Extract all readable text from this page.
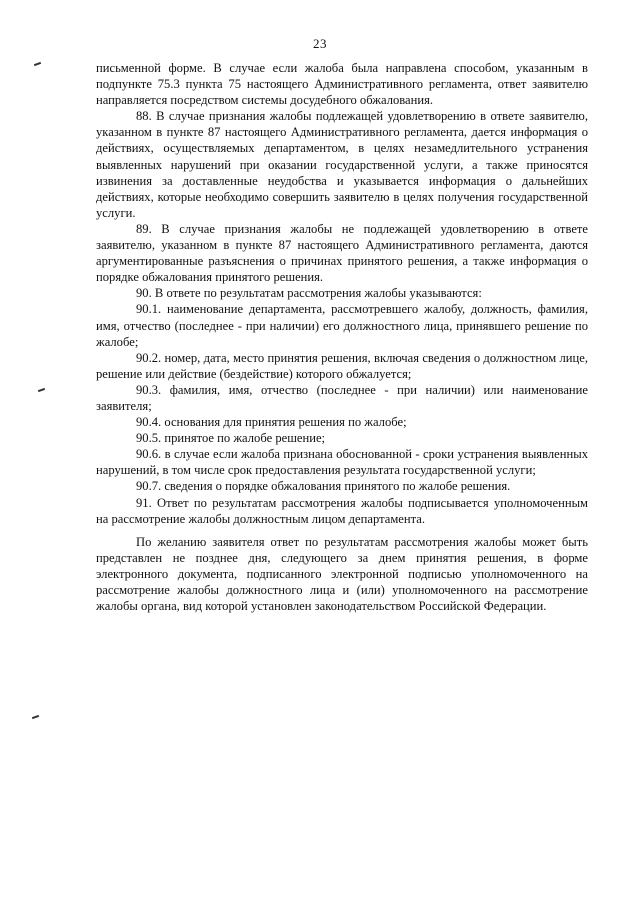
23

письменной форме. В случае если жалоба была направлена способом, указанным в подпункте 75.3 пункта 75 настоящего Административного регламента, ответ заявителю направляется посредством системы досудебного обжалования.

88. В случае признания жалобы подлежащей удовлетворению в ответе заявителю, указанном в пункте 87 настоящего Административного регламента, дается информация о действиях, осуществляемых департаментом, в целях незамедлительного устранения выявленных нарушений при оказании государственной услуги, а также приносятся извинения за доставленные неудобства и указывается информация о дальнейших действиях, которые необходимо совершить заявителю в целях получения государственной услуги.

89. В случае признания жалобы не подлежащей удовлетворению в ответе заявителю, указанном в пункте 87 настоящего Административного регламента, даются аргументированные разъяснения о причинах принятого решения, а также информация о порядке обжалования принятого решения.

90. В ответе по результатам рассмотрения жалобы указываются:

90.1. наименование департамента, рассмотревшего жалобу, должность, фамилия, имя, отчество (последнее - при наличии) его должностного лица, принявшего решение по жалобе;

90.2. номер, дата, место принятия решения, включая сведения о должностном лице, решение или действие (бездействие) которого обжалуется;

90.3. фамилия, имя, отчество (последнее - при наличии) или наименование заявителя;

90.4. основания для принятия решения по жалобе;

90.5. принятое по жалобе решение;

90.6. в случае если жалоба признана обоснованной - сроки устранения выявленных нарушений, в том числе срок предоставления результата государственной услуги;

90.7. сведения о порядке обжалования принятого по жалобе решения.

91. Ответ по результатам рассмотрения жалобы подписывается уполномоченным на рассмотрение жалобы должностным лицом департамента.

По желанию заявителя ответ по результатам рассмотрения жалобы может быть представлен не позднее дня, следующего за днем принятия решения, в форме электронного документа, подписанного электронной подписью уполномоченного на рассмотрение жалобы должностного лица и (или) уполномоченного на рассмотрение жалобы органа, вид которой установлен законодательством Российской Федерации.
